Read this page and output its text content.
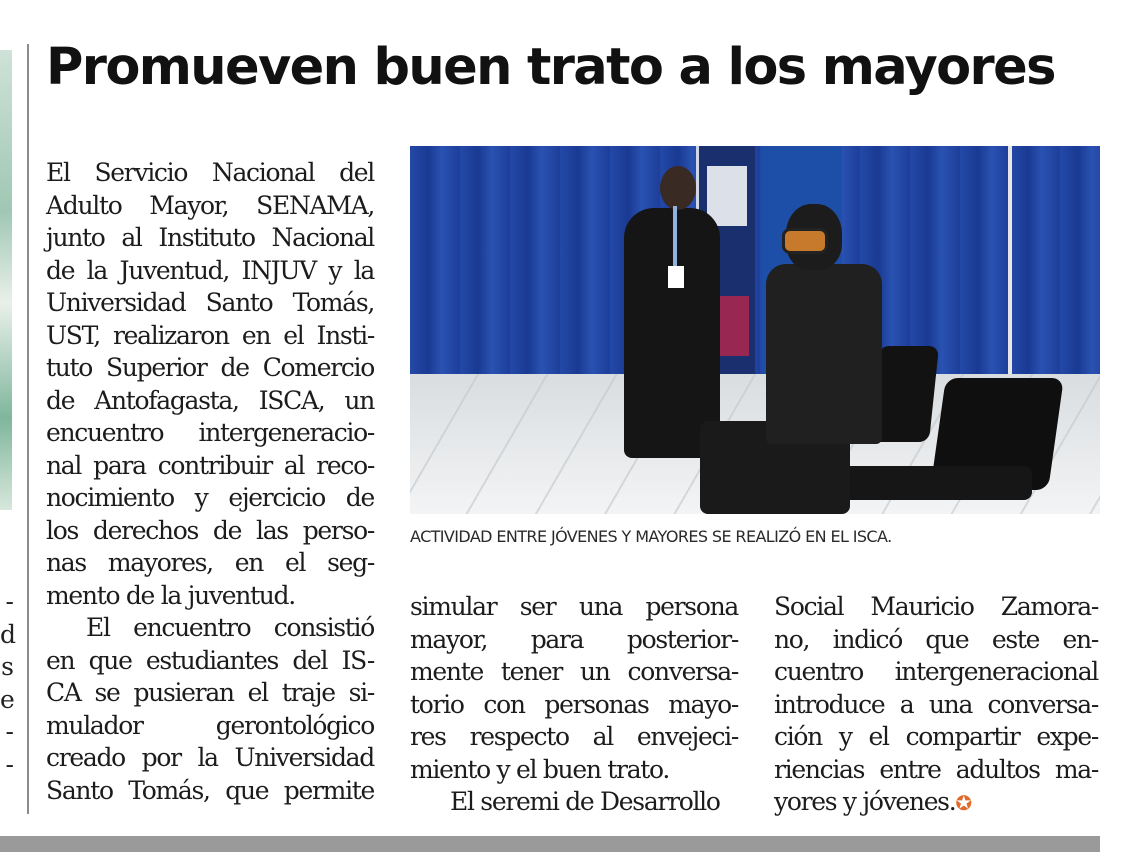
-
d
s
e
-
-
Promueven buen trato a los mayores
El Servicio Nacional del
Adulto Mayor, SENAMA,
junto al Instituto Nacional
de la Juventud, INJUV y la
Universidad Santo Tomás,
UST, realizaron en el Insti-
tuto Superior de Comercio
de Antofagasta, ISCA, un
encuentro intergeneracio-
nal para contribuir al reco-
nocimiento y ejercicio de
los derechos de las perso-
nas mayores, en el seg-
mento de la juventud.
El encuentro consistió
en que estudiantes del IS-
CA se pusieran el traje si-
mulador gerontológico
creado por la Universidad
Santo Tomás, que permite

ACTIVIDAD ENTRE JÓVENES Y MAYORES SE REALIZÓ EN EL ISCA.

simular ser una persona
mayor, para posterior-
mente tener un conversa-
torio con personas mayo-
res respecto al envejeci-
miento y el buen trato.
El seremi de Desarrollo
Social Mauricio Zamora-
no, indicó que este en-
cuentro intergeneracional
introduce a una conversa-
ción y el compartir expe-
riencias entre adultos ma-
yores y jóvenes.✪
